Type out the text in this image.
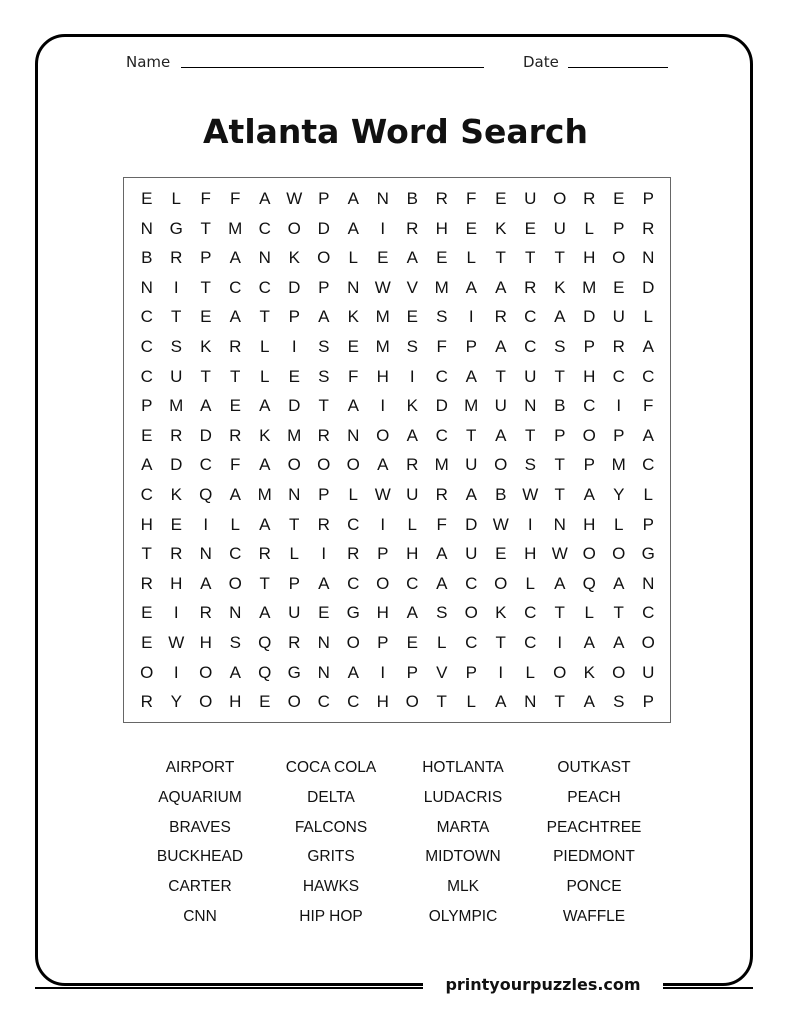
Name	Date
Atlanta Word Search
E	L	F	F	A W P	A	N	B	R	F	E	U O R	E	P
N G	T	M C O D	A	I	R	H	E	K	E	U	L	P	R
B	R	P	A	N	K	O	L	E	A	E	L	T	T	T	H O N
N	I	T	C	C	D	P	N W V M A	A	R	K M E	D
C	T	E	A	T	P	A	K M E	S	I	R	C	A	D	U	L
C	S	K	R	L	I	S	E M S	F	P	A	C	S	P	R	A
C	U	T	T	L	E	S	F	H	I	C	A	T	U	T	H	C	C
P M A	E	A	D	T	A	I	K	D M U	N	B	C	I	F
E	R	D	R	K M R	N O	A	C	T	A	T	P	O	P	A
A	D	C	F	A	O O O	A	R M U O	S	T	P M C
C	K	Q	A M N	P	L W U	R	A	B W T	A	Y	L
H	E	I	L	A	T	R	C	I	L	F	D W	I	N	H	L	P
T	R	N	C	R	L	I	R	P	H	A	U	E	H W O O G
R	H	A	O	T	P	A	C O C	A	C O	L	A	Q	A	N
E	I	R	N	A	U	E	G H	A	S	O	K	C	T	L	T	C
E W H	S	Q R	N O	P	E	L	C	T	C	I	A	A	O
O	I	O	A	Q G N	A	I	P	V	P	I	L	O	K	O U
R	Y	O H	E	O C	C	H O	T	L	A	N	T	A	S	P
AIRPORT
AQUARIUM
BRAVES
BUCKHEAD
CARTER
CNN
COCA COLA
DELTA
FALCONS
GRITS
HAWKS
HIP HOP
HOTLANTA
LUDACRIS
MARTA
MIDTOWN
MLK
OLYMPIC
OUTKAST
PEACH
PEACHTREE
PIEDMONT
PONCE
WAFFLE
printyourpuzzles.com
